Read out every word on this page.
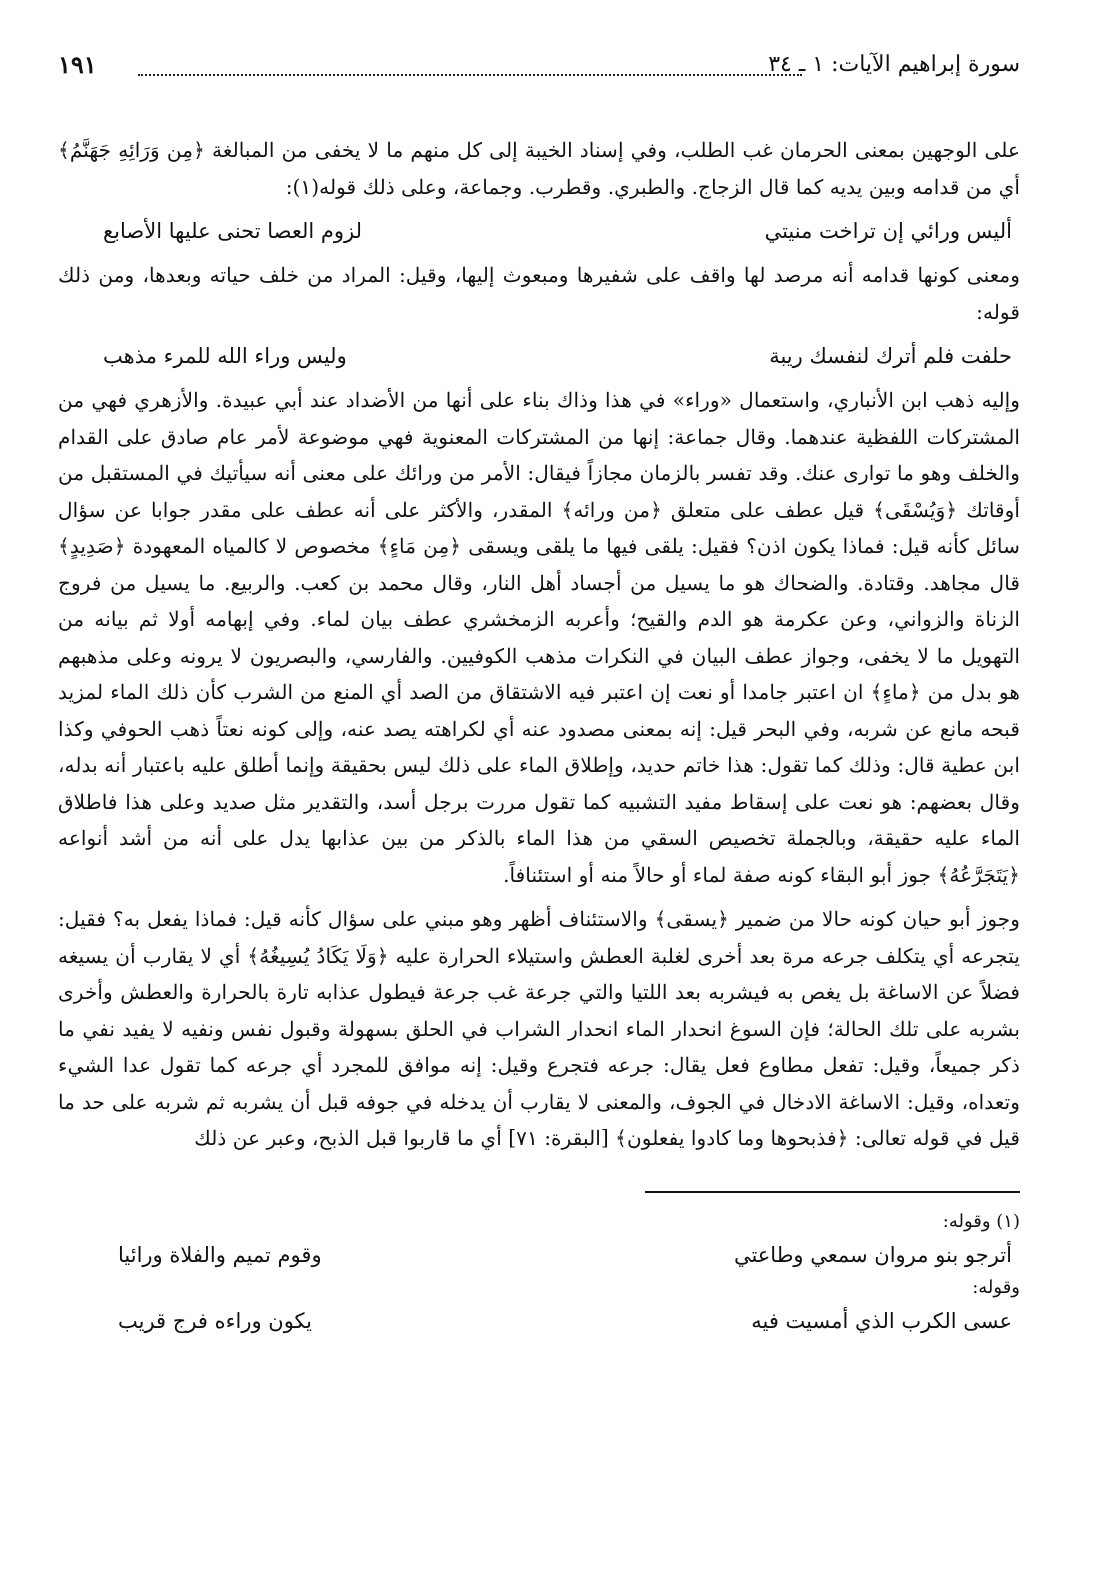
سورة إبراهيم الآيات: ١ ـ ٣٤
١٩١

على الوجهين بمعنى الحرمان غب الطلب، وفي إسناد الخيبة إلى كل منهم ما لا يخفى من المبالغة ﴿مِن وَرَائِهِ جَهَنَّمُ﴾ أي من قدامه وبين يديه كما قال الزجاج. والطبري. وقطرب. وجماعة، وعلى ذلك قوله(١):

أليس ورائي إن تراخت منيتي
لزوم العصا تحنى عليها الأصابع

ومعنى كونها قدامه أنه مرصد لها واقف على شفيرها ومبعوث إليها، وقيل: المراد من خلف حياته وبعدها، ومن ذلك قوله:

حلفت فلم أترك لنفسك ريبة
وليس وراء الله للمرء مذهب

وإليه ذهب ابن الأنباري، واستعمال «وراء» في هذا وذاك بناء على أنها من الأضداد عند أبي عبيدة. والأزهري فهي من المشتركات اللفظية عندهما. وقال جماعة: إنها من المشتركات المعنوية فهي موضوعة لأمر عام صادق على القدام والخلف وهو ما توارى عنك. وقد تفسر بالزمان مجازاً فيقال: الأمر من ورائك على معنى أنه سيأتيك في المستقبل من أوقاتك ﴿وَيُسْقَى﴾ قيل عطف على متعلق ﴿من ورائه﴾ المقدر، والأكثر على أنه عطف على مقدر جوابا عن سؤال سائل كأنه قيل: فماذا يكون اذن؟ فقيل: يلقى فيها ما يلقى ويسقى ﴿مِن مَاءٍ﴾ مخصوص لا كالمياه المعهودة ﴿صَدِيدٍ﴾ قال مجاهد. وقتادة. والضحاك هو ما يسيل من أجساد أهل النار، وقال محمد بن كعب. والربيع. ما يسيل من فروج الزناة والزواني، وعن عكرمة هو الدم والقيح؛ وأعربه الزمخشري عطف بيان لماء. وفي إبهامه أولا ثم بيانه من التهويل ما لا يخفى، وجواز عطف البيان في النكرات مذهب الكوفيين. والفارسي، والبصريون لا يرونه وعلى مذهبهم هو بدل من ﴿ماءٍ﴾ ان اعتبر جامدا أو نعت إن اعتبر فيه الاشتقاق من الصد أي المنع من الشرب كأن ذلك الماء لمزيد قبحه مانع عن شربه، وفي البحر قيل: إنه بمعنى مصدود عنه أي لكراهته يصد عنه، وإلى كونه نعتاً ذهب الحوفي وكذا ابن عطية قال: وذلك كما تقول: هذا خاتم حديد، وإطلاق الماء على ذلك ليس بحقيقة وإنما أطلق عليه باعتبار أنه بدله، وقال بعضهم: هو نعت على إسقاط مفيد التشبيه كما تقول مررت برجل أسد، والتقدير مثل صديد وعلى هذا فاطلاق الماء عليه حقيقة، وبالجملة تخصيص السقي من هذا الماء بالذكر من بين عذابها يدل على أنه من أشد أنواعه ﴿يَتَجَرَّعُهُ﴾ جوز أبو البقاء كونه صفة لماء أو حالاً منه أو استئنافاً.

وجوز أبو حيان كونه حالا من ضمير ﴿يسقى﴾ والاستئناف أظهر وهو مبني على سؤال كأنه قيل: فماذا يفعل به؟ فقيل: يتجرعه أي يتكلف جرعه مرة بعد أخرى لغلبة العطش واستيلاء الحرارة عليه ﴿وَلَا يَكَادُ يُسِيغُهُ﴾ أي لا يقارب أن يسيغه فضلاً عن الاساغة بل يغص به فيشربه بعد اللتيا والتي جرعة غب جرعة فيطول عذابه تارة بالحرارة والعطش وأخرى بشربه على تلك الحالة؛ فإن السوغ انحدار الماء انحدار الشراب في الحلق بسهولة وقبول نفس ونفيه لا يفيد نفي ما ذكر جميعاً، وقيل: تفعل مطاوع فعل يقال: جرعه فتجرع وقيل: إنه موافق للمجرد أي جرعه كما تقول عدا الشيء وتعداه، وقيل: الاساغة الادخال في الجوف، والمعنى لا يقارب أن يدخله في جوفه قبل أن يشربه ثم شربه على حد ما قيل في قوله تعالى: ﴿فذبحوها وما كادوا يفعلون﴾ [البقرة: ٧١] أي ما قاربوا قبل الذبح، وعبر عن ذلك

(١) وقوله:
أترجو بنو مروان سمعي وطاعتي
وقوم تميم والفلاة ورائيا
وقوله:
عسى الكرب الذي أمسيت فيه
يكون وراءه فرج قريب
